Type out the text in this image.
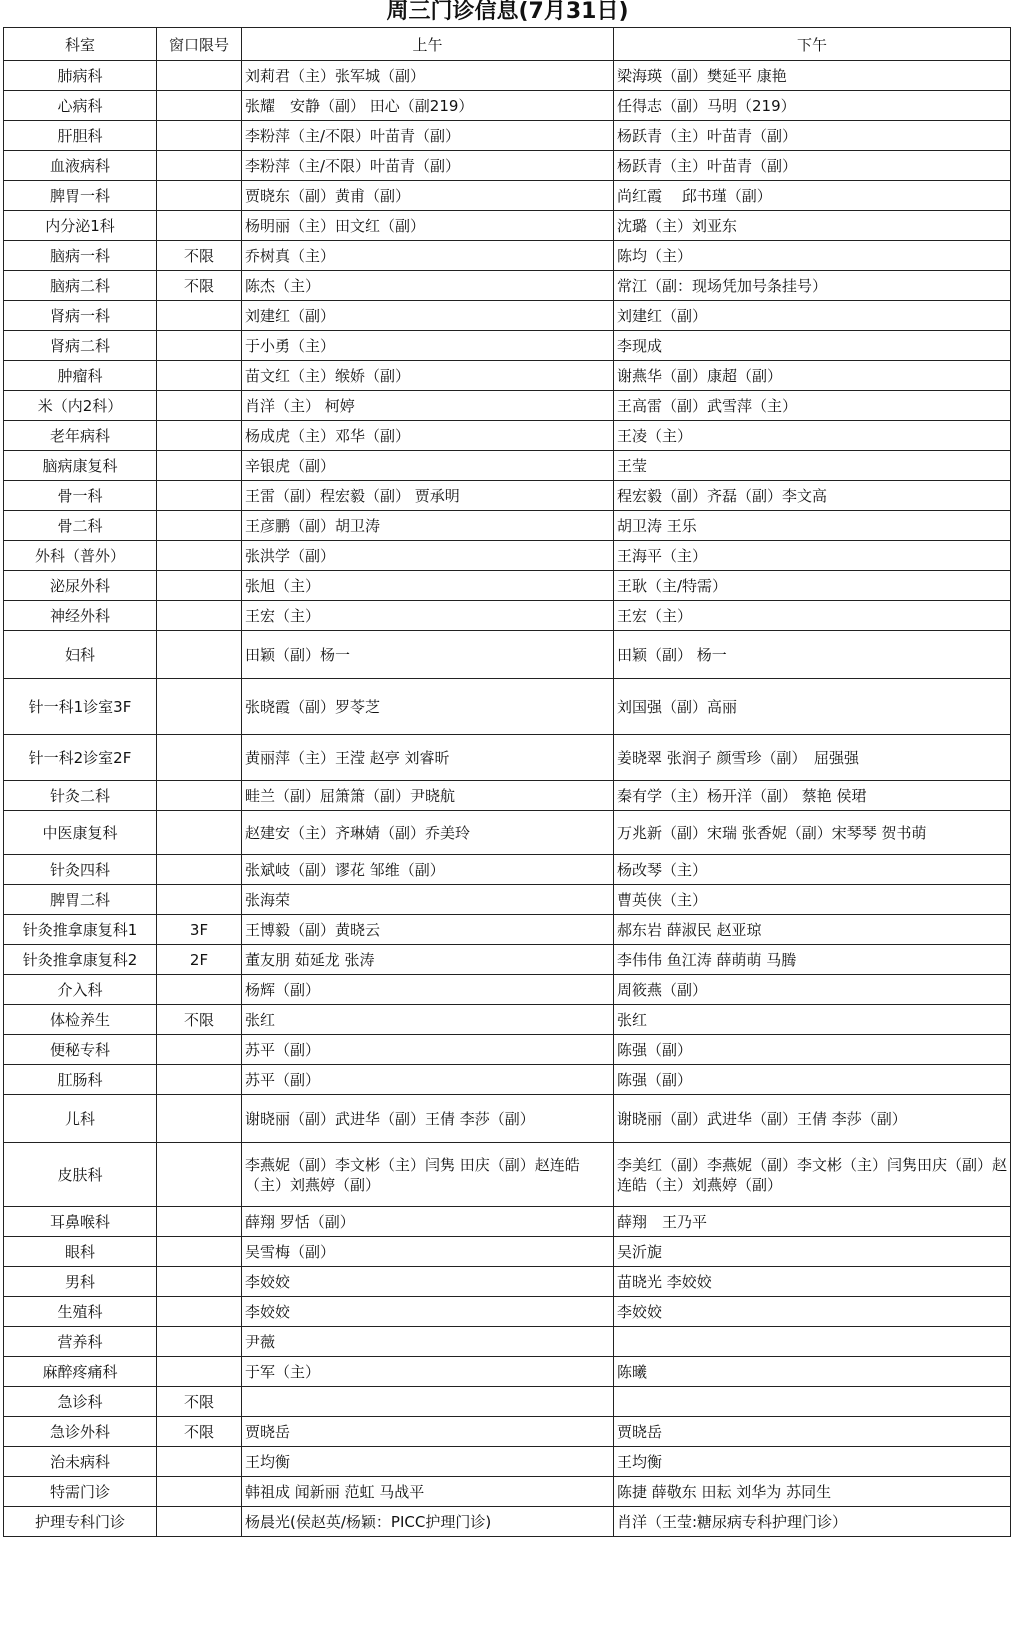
周三门诊信息(7月31日)
科室	窗口限号	上午	下午
肺病科		刘莉君（主）张军城（副）	梁海瑛（副）樊延平 康艳
心病科		张耀　安静（副） 田心（副219）	任得志（副）马明（219）
肝胆科		李粉萍（主/不限）叶苗青（副）	杨跃青（主）叶苗青（副）
血液病科		李粉萍（主/不限）叶苗青（副）	杨跃青（主）叶苗青（副）
脾胃一科		贾晓东（副）黄甫（副）	尚红霞　 邱书瑾（副）
内分泌1科		杨明丽（主）田文红（副）	沈璐（主）刘亚东
脑病一科	不限	乔树真（主）	陈均（主）
脑病二科	不限	陈杰（主）	常江（副：现场凭加号条挂号）
肾病一科		刘建红（副）	刘建红（副）
肾病二科		于小勇（主）	李现成
肿瘤科		苗文红（主）缑娇（副）	谢燕华（副）康超（副）
米（内2科）		肖洋（主） 柯婷	王高雷（副）武雪萍（主）
老年病科		杨成虎（主）邓华（副）	王凌（主）
脑病康复科		辛银虎（副）	王莹
骨一科		王雷（副）程宏毅（副） 贾承明	程宏毅（副）齐磊（副）李文高
骨二科		王彦鹏（副）胡卫涛	胡卫涛 王乐
外科（普外）		张洪学（副）	王海平（主）
泌尿外科		张旭（主）	王耿（主/特需）
神经外科		王宏（主）	王宏（主）
妇科		田颖（副）杨一	田颖（副） 杨一
针一科1诊室3F		张晓霞（副）罗苓芝	刘国强（副）高丽
针一科2诊室2F		黄丽萍（主）王滢 赵亭 刘睿昕	姜晓翠 张润子 颜雪珍（副）　屈强强
针灸二科		畦兰（副）屈箫箫（副）尹晓航	秦有学（主）杨开洋（副） 蔡艳 侯珺
中医康复科		赵建安（主）齐琳婧（副）乔美玲	万兆新（副）宋瑞 张香妮（副）宋琴琴 贺书萌
针灸四科		张斌岐（副）谬花 邹维（副）	杨改琴（主）
脾胃二科		张海荣	曹英侠（主）
针灸推拿康复科1	3F	王博毅（副）黄晓云	郝东岩 薛淑民 赵亚琼
针灸推拿康复科2	2F	董友朋 茹延龙 张涛	李伟伟 鱼江涛 薛萌萌 马腾
介入科		杨辉（副）	周筱燕（副）
体检养生	不限	张红	张红
便秘专科		苏平（副）	陈强（副）
肛肠科		苏平（副）	陈强（副）
儿科		谢晓丽（副）武进华（副）王倩 李莎（副）	谢晓丽（副）武进华（副）王倩 李莎（副）
皮肤科		李燕妮（副）李文彬（主）闫隽 田庆（副）赵连皓（主）刘燕婷（副）	李美红（副）李燕妮（副）李文彬（主）闫隽田庆（副）赵连皓（主）刘燕婷（副）
耳鼻喉科		薛翔 罗恬（副）	薛翔　王乃平
眼科		吴雪梅（副）	吴沂旎
男科		李姣姣	苗晓光 李姣姣
生殖科		李姣姣	李姣姣
营养科		尹薇	
麻醉疼痛科		于军（主）	陈曦
急诊科	不限		
急诊外科	不限	贾晓岳	贾晓岳
治未病科		王均衡	王均衡
特需门诊		韩祖成 闻新丽 范虹 马战平	陈捷 薛敬东 田耘 刘华为 苏同生
护理专科门诊		杨晨光(侯赵英/杨颖：PICC护理门诊)	肖洋（王莹:糖尿病专科护理门诊）
